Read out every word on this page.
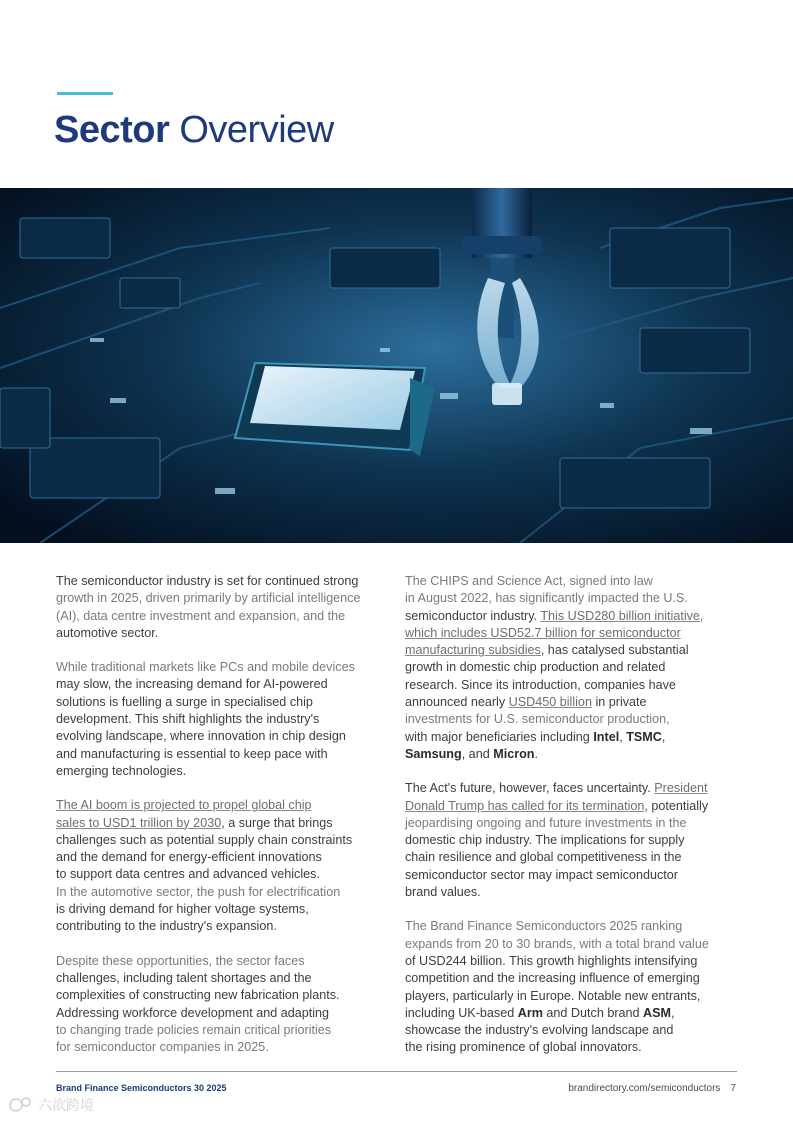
Sector Overview

The semiconductor industry is set for continued strong
growth in 2025, driven primarily by artificial intelligence
(AI), data centre investment and expansion, and the
automotive sector.

While traditional markets like PCs and mobile devices
may slow, the increasing demand for AI-powered
solutions is fuelling a surge in specialised chip
development. This shift highlights the industry's
evolving landscape, where innovation in chip design
and manufacturing is essential to keep pace with
emerging technologies.

The AI boom is projected to propel global chip
sales to USD1 trillion by 2030, a surge that brings
challenges such as potential supply chain constraints
and the demand for energy-efficient innovations
to support data centres and advanced vehicles.
In the automotive sector, the push for electrification
is driving demand for higher voltage systems,
contributing to the industry's expansion.

Despite these opportunities, the sector faces
challenges, including talent shortages and the
complexities of constructing new fabrication plants.
Addressing workforce development and adapting
to changing trade policies remain critical priorities
for semiconductor companies in 2025.

The CHIPS and Science Act, signed into law
in August 2022, has significantly impacted the U.S.
semiconductor industry. This USD280 billion initiative,
which includes USD52.7 billion for semiconductor
manufacturing subsidies, has catalysed substantial
growth in domestic chip production and related
research. Since its introduction, companies have
announced nearly USD450 billion in private
investments for U.S. semiconductor production,
with major beneficiaries including Intel, TSMC,
Samsung, and Micron.

The Act's future, however, faces uncertainty. President
Donald Trump has called for its termination, potentially
jeopardising ongoing and future investments in the
domestic chip industry. The implications for supply
chain resilience and global competitiveness in the
semiconductor sector may impact semiconductor
brand values.

The Brand Finance Semiconductors 2025 ranking
expands from 20 to 30 brands, with a total brand value
of USD244 billion. This growth highlights intensifying
competition and the increasing influence of emerging
players, particularly in Europe. Notable new entrants,
including UK-based Arm and Dutch brand ASM,
showcase the industry's evolving landscape and
the rising prominence of global innovators.

Brand Finance Semiconductors 30 2025	brandirectory.com/semiconductors 7
六欲跨境
